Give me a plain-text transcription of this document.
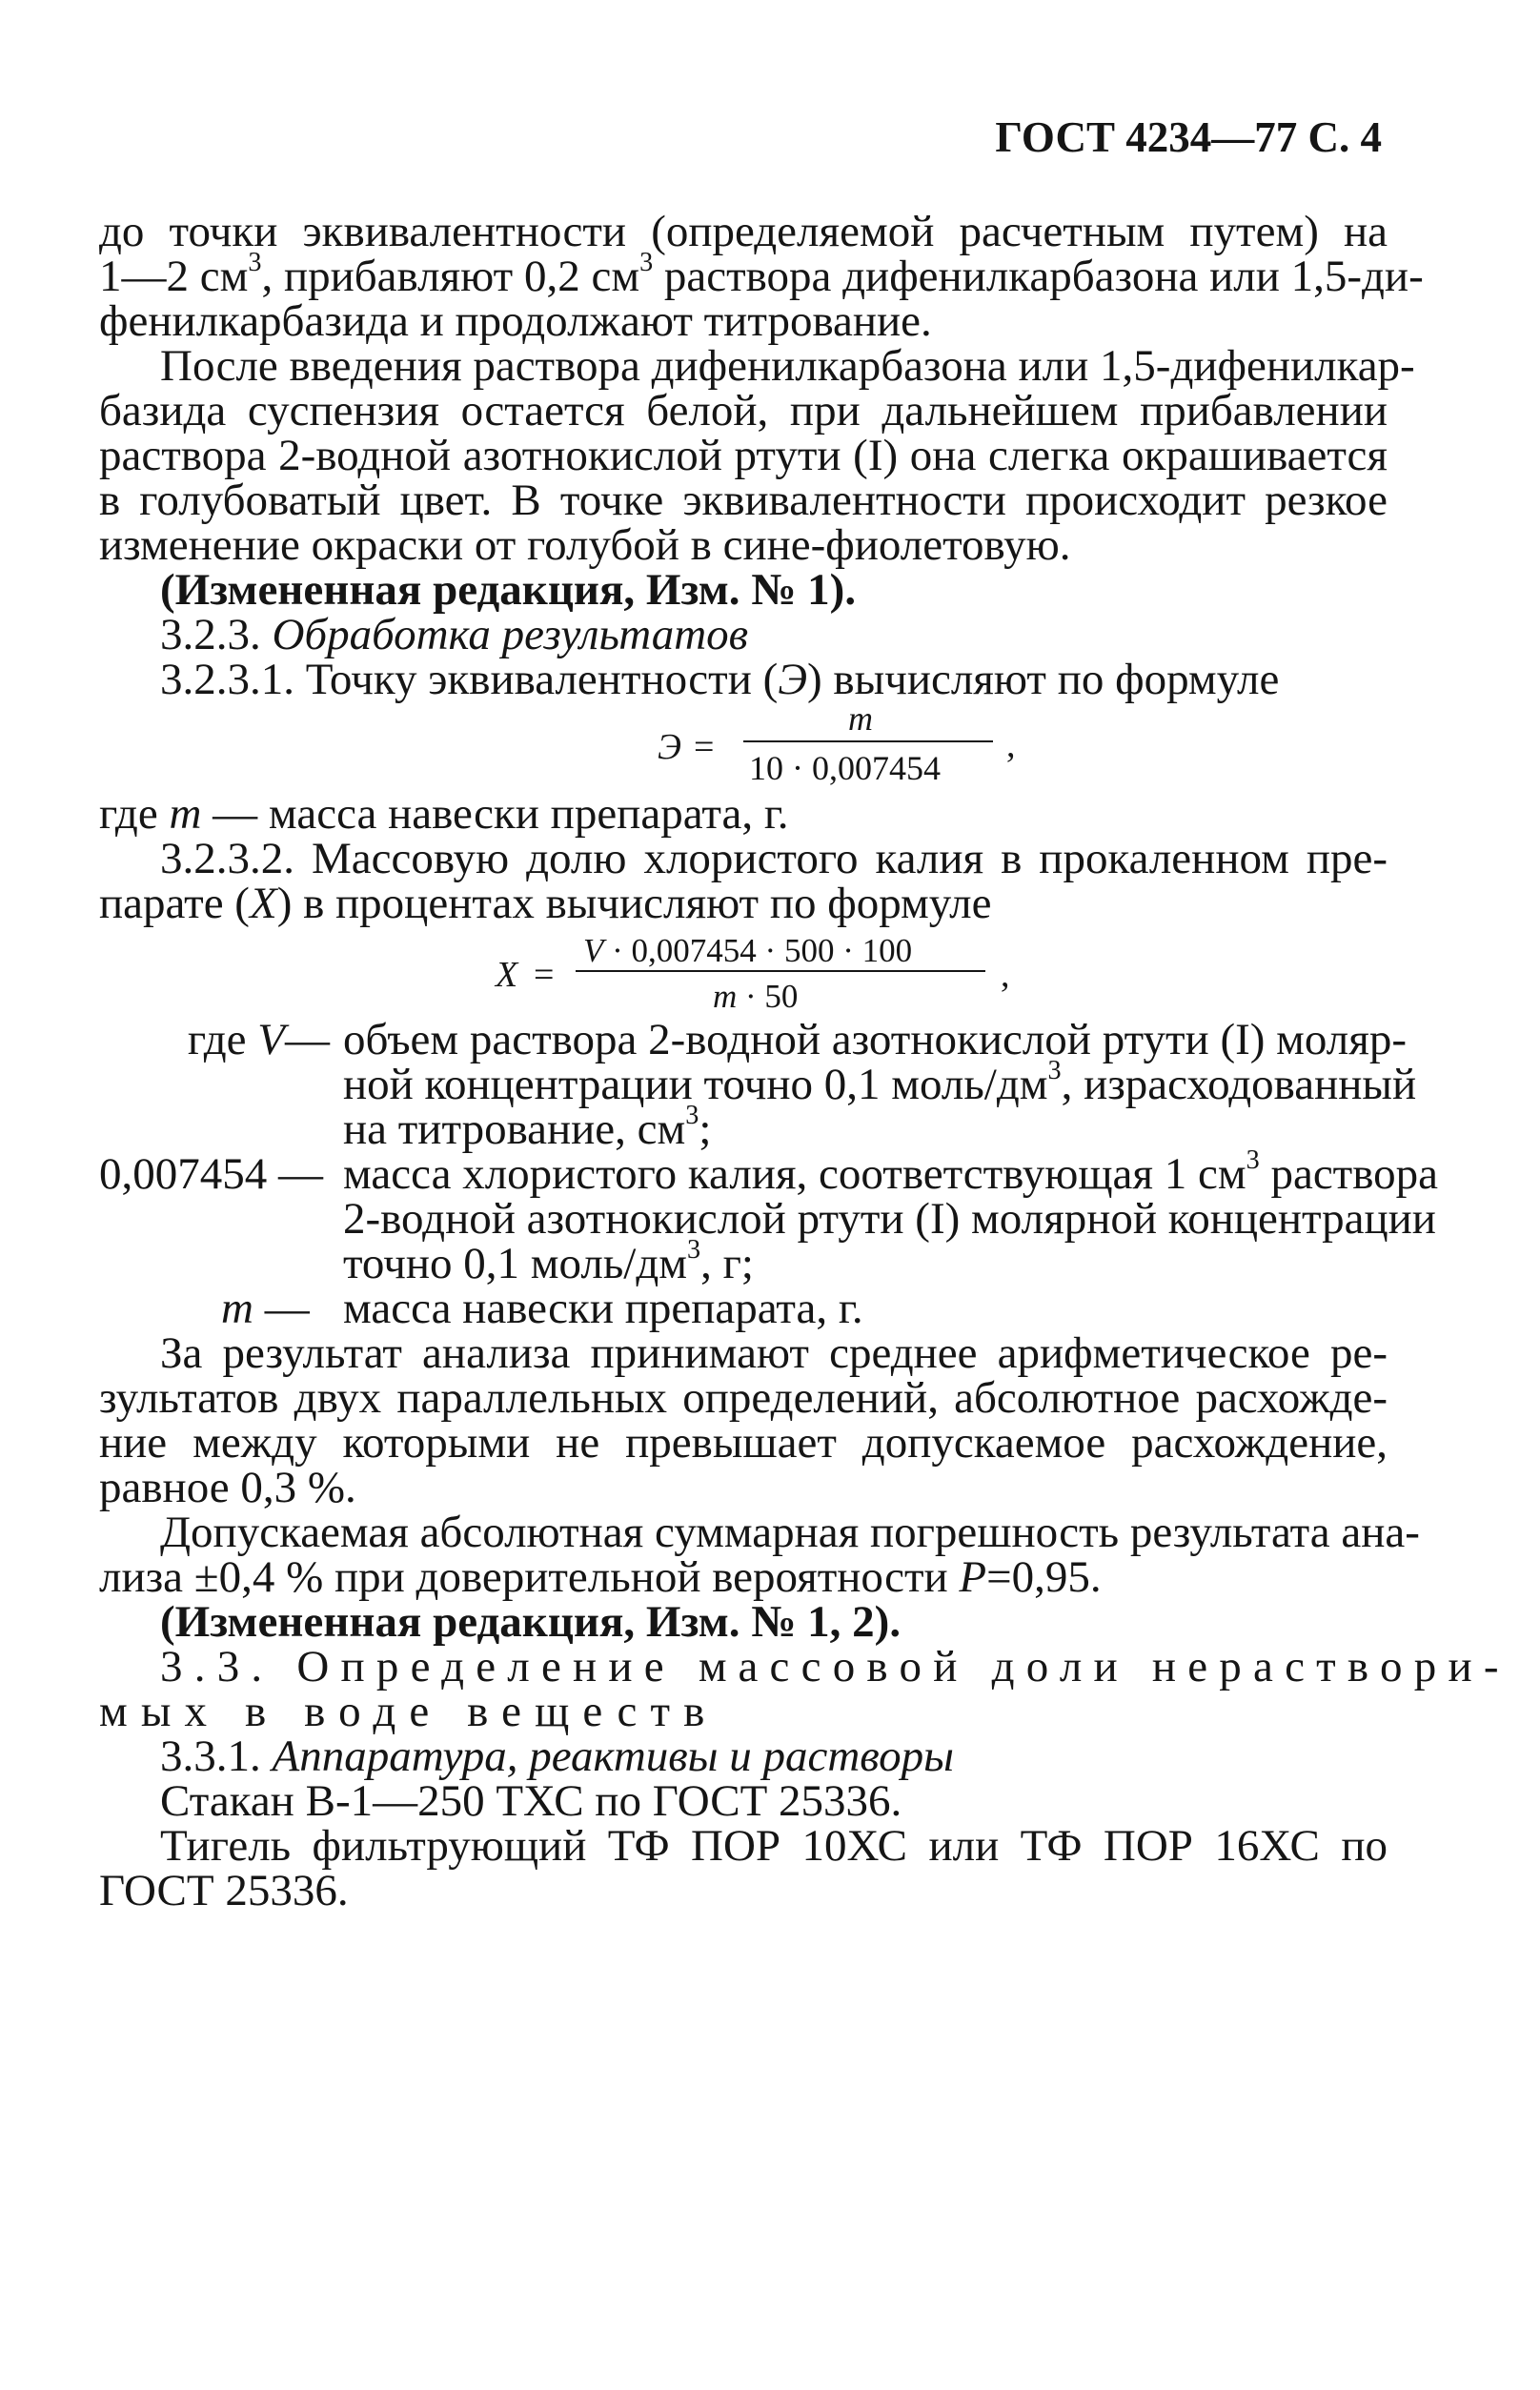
ГОСТ 4234—77 С. 4
до точки эквивалентности (определяемой расчетным путем) на
1—2 $см^3$, прибавляют 0,2 $см^3$ раствора дифенилкарбазона или 1,5-ди-
фенилкарбазида и продолжают титрование.
После введения раствора дифенилкарбазона или 1,5-дифенилкар-
базида суспензия остается белой, при дальнейшем прибавлении
раствора 2-водной азотнокислой ртути (I) она слегка окрашивается
в голубоватый цвет. В точке эквивалентности происходит резкое
изменение окраски от голубой в сине-фиолетовую.
(Измененная редакция, Изм. № 1).
3.2.3. Обработка результатов
3.2.3.1. Точку эквивалентности (Э) вычисляют по формуле
Э =
m
10 · 0,007454
,
где m — масса навески препарата, г.
3.2.3.2. Массовую долю хлористого калия в прокаленном пре-
парате (X) в процентах вычисляют по формуле
X =
V · 0,007454 · 500 · 100
m · 50
,
где V— объем раствора 2-водной азотнокислой ртути (I) моляр-
ной концентрации точно 0,1 моль/$дм^3$, израсходованный
на титрование, $см^3$;
0,007454 — масса хлористого калия, соответствующая 1 $см^3$ раствора
2-водной азотнокислой ртути (I) молярной концентрации
точно 0,1 моль/$дм^3$, г;
m — масса навески препарата, г.
За результат анализа принимают среднее арифметическое ре-
зультатов двух параллельных определений, абсолютное расхожде-
ние между которыми не превышает допускаемое расхождение,
равное 0,3 %.
Допускаемая абсолютная суммарная погрешность результата ана-
лиза ±0,4 % при доверительной вероятности P=0,95.
(Измененная редакция, Изм. № 1, 2).
3.3. Определение массовой доли нераствори-
мых в воде веществ
3.3.1. Аппаратура, реактивы и растворы
Стакан В-1—250 ТХС по ГОСТ 25336.
Тигель фильтрующий ТФ ПОР 10ХС или ТФ ПОР 16ХС по
ГОСТ 25336.
